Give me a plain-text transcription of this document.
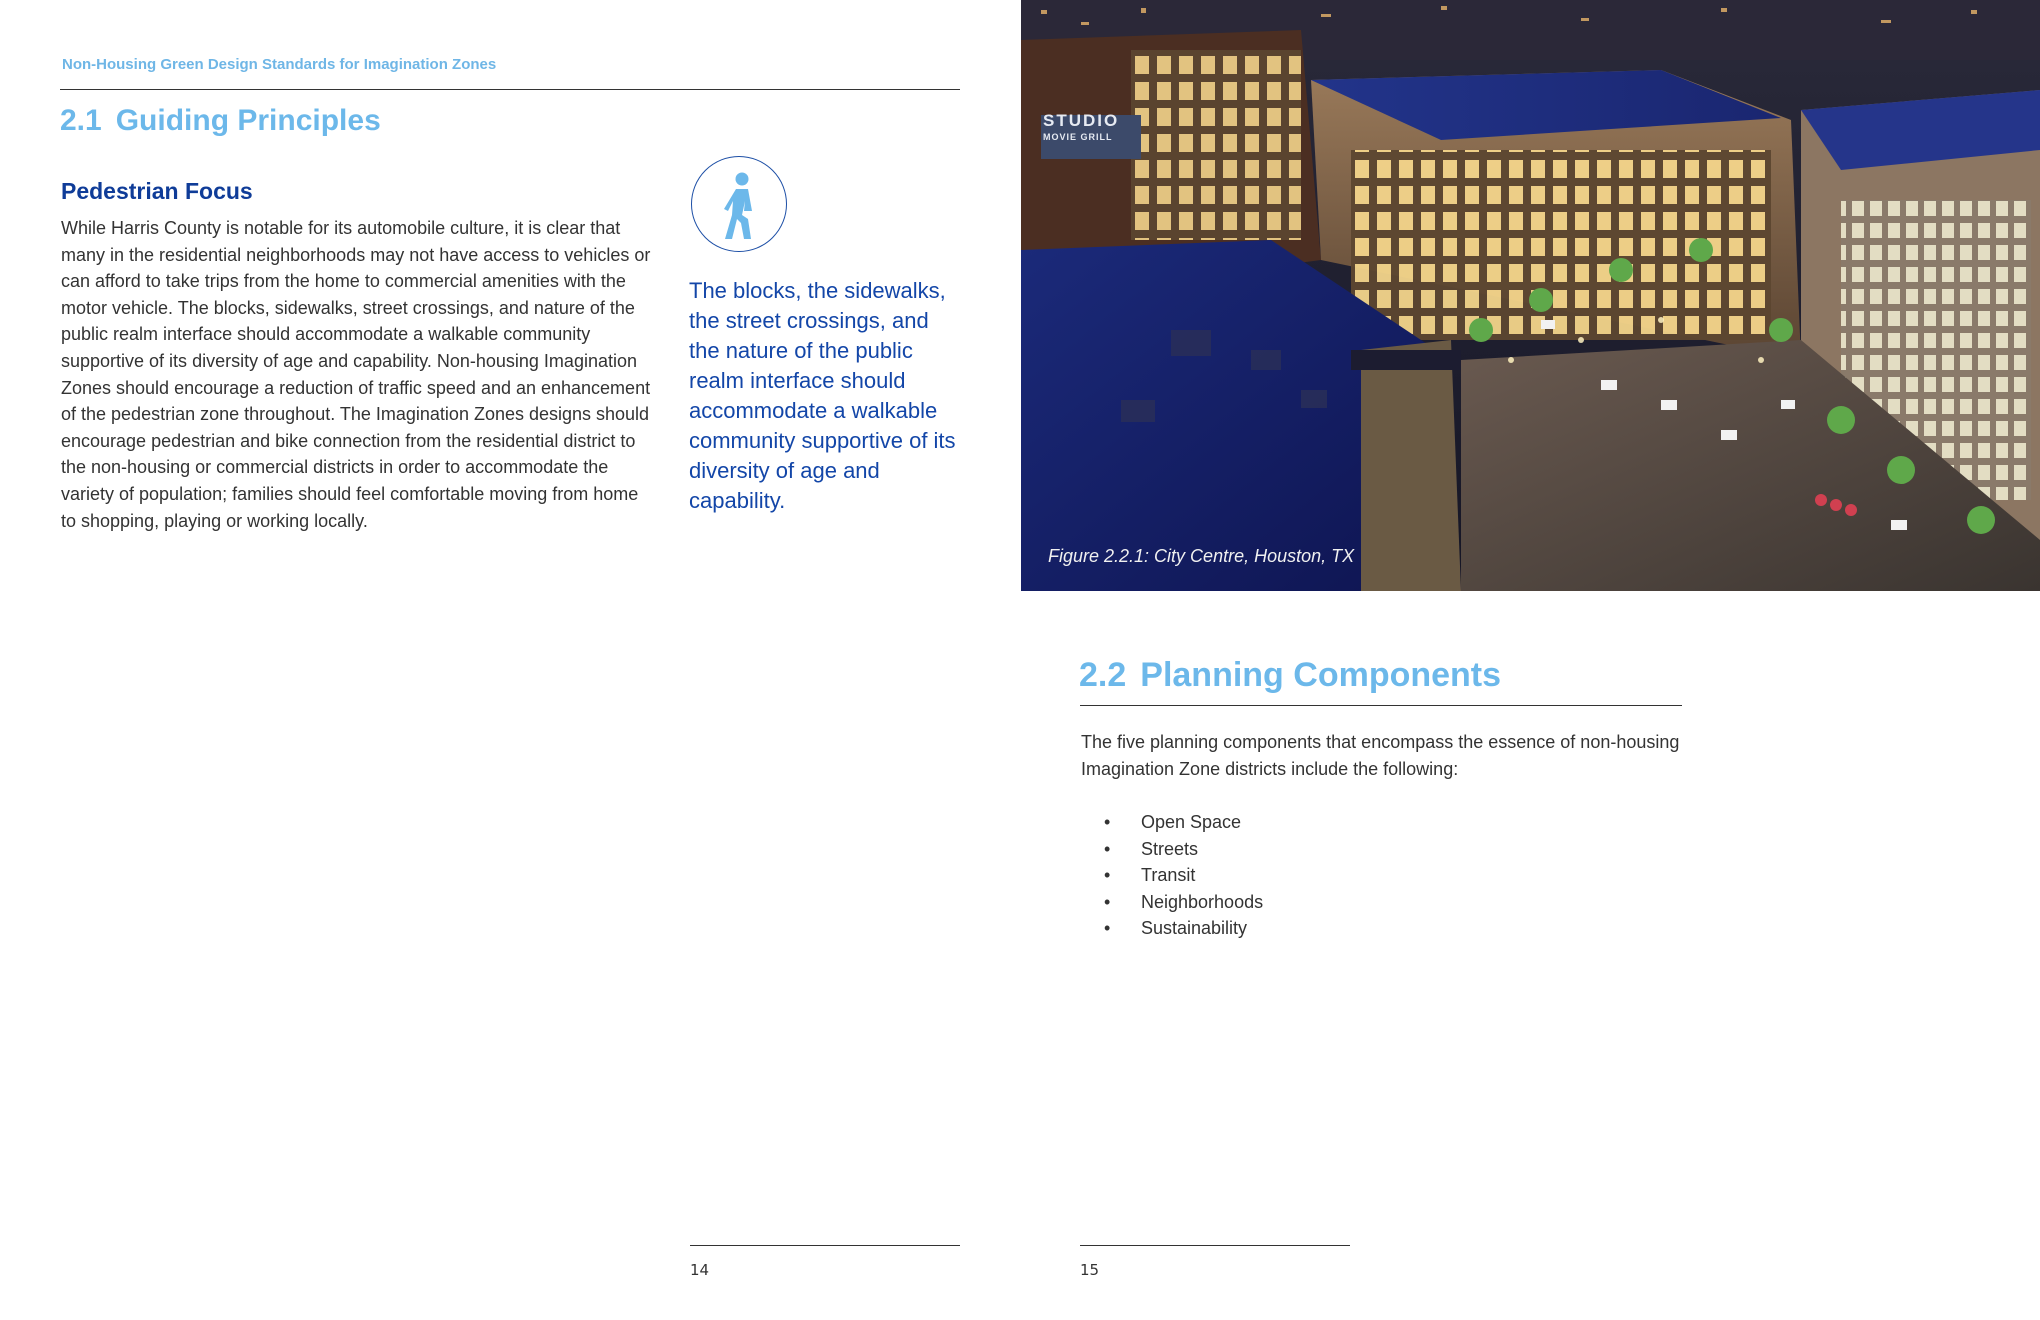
Non-Housing Green Design Standards for Imagination Zones
2.1 Guiding Principles
Pedestrian Focus
While Harris County is notable for its automobile culture, it is clear that many in the residential neighborhoods may not have access to vehicles or can afford to take trips from the home to commercial amenities with the motor vehicle. The blocks, sidewalks, street crossings, and nature of the public realm interface should accommodate a walkable community supportive of its diversity of age and capability. Non-housing Imagination Zones should encourage a reduction of traffic speed and an enhancement of the pedestrian zone throughout. The Imagination Zones designs should encourage pedestrian and bike connection from the residential district to the non-housing or commercial districts in order to accommodate the variety of population; families should feel comfortable moving from home to shopping, playing or working locally.
The blocks, the sidewalks, the street crossings, and the nature of the public realm interface should accommodate a walkable community supportive of its diversity of age and capability.
14
STUDIO
MOVIE GRILL
Figure 2.2.1: City Centre, Houston, TX
2.2 Planning Components
The five planning components that encompass the essence of non-housing Imagination Zone districts include the following:
• Open Space
• Streets
• Transit
• Neighborhoods
• Sustainability
15
